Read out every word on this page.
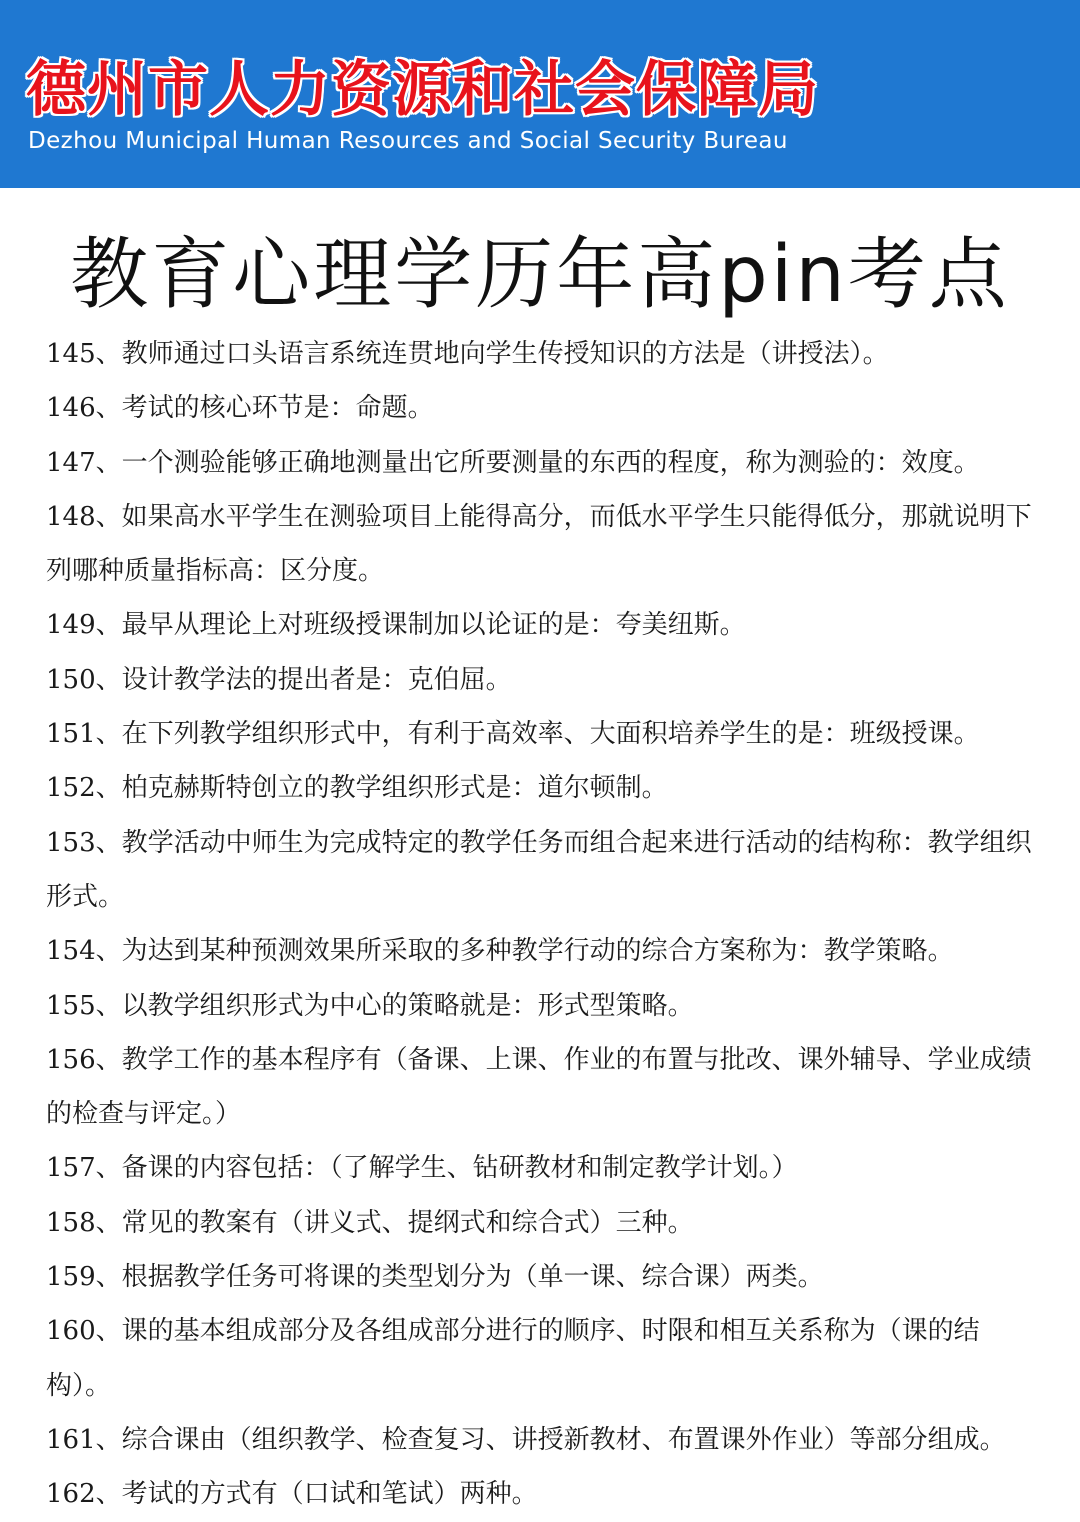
德州市人力资源和社会保障局
Dezhou Municipal Human Resources and Social Security Bureau
教育心理学历年高pin考点
145、教师通过口头语言系统连贯地向学生传授知识的方法是（讲授法）。
146、考试的核心环节是：命题。
147、一个测验能够正确地测量出它所要测量的东西的程度，称为测验的：效度。
148、如果高水平学生在测验项目上能得高分，而低水平学生只能得低分，那就说明下列哪种质量指标高：区分度。
149、最早从理论上对班级授课制加以论证的是：夸美纽斯。
150、设计教学法的提出者是：克伯屈。
151、在下列教学组织形式中，有利于高效率、大面积培养学生的是：班级授课。
152、柏克赫斯特创立的教学组织形式是：道尔顿制。
153、教学活动中师生为完成特定的教学任务而组合起来进行活动的结构称：教学组织形式。
154、为达到某种预测效果所采取的多种教学行动的综合方案称为：教学策略。
155、以教学组织形式为中心的策略就是：形式型策略。
156、教学工作的基本程序有（备课、上课、作业的布置与批改、课外辅导、学业成绩的检查与评定。）
157、备课的内容包括：（了解学生、钻研教材和制定教学计划。）
158、常见的教案有（讲义式、提纲式和综合式）三种。
159、根据教学任务可将课的类型划分为（单一课、综合课）两类。
160、课的基本组成部分及各组成部分进行的顺序、时限和相互关系称为（课的结构）。
161、综合课由（组织教学、检查复习、讲授新教材、布置课外作业）等部分组成。
162、考试的方式有（口试和笔试）两种。
